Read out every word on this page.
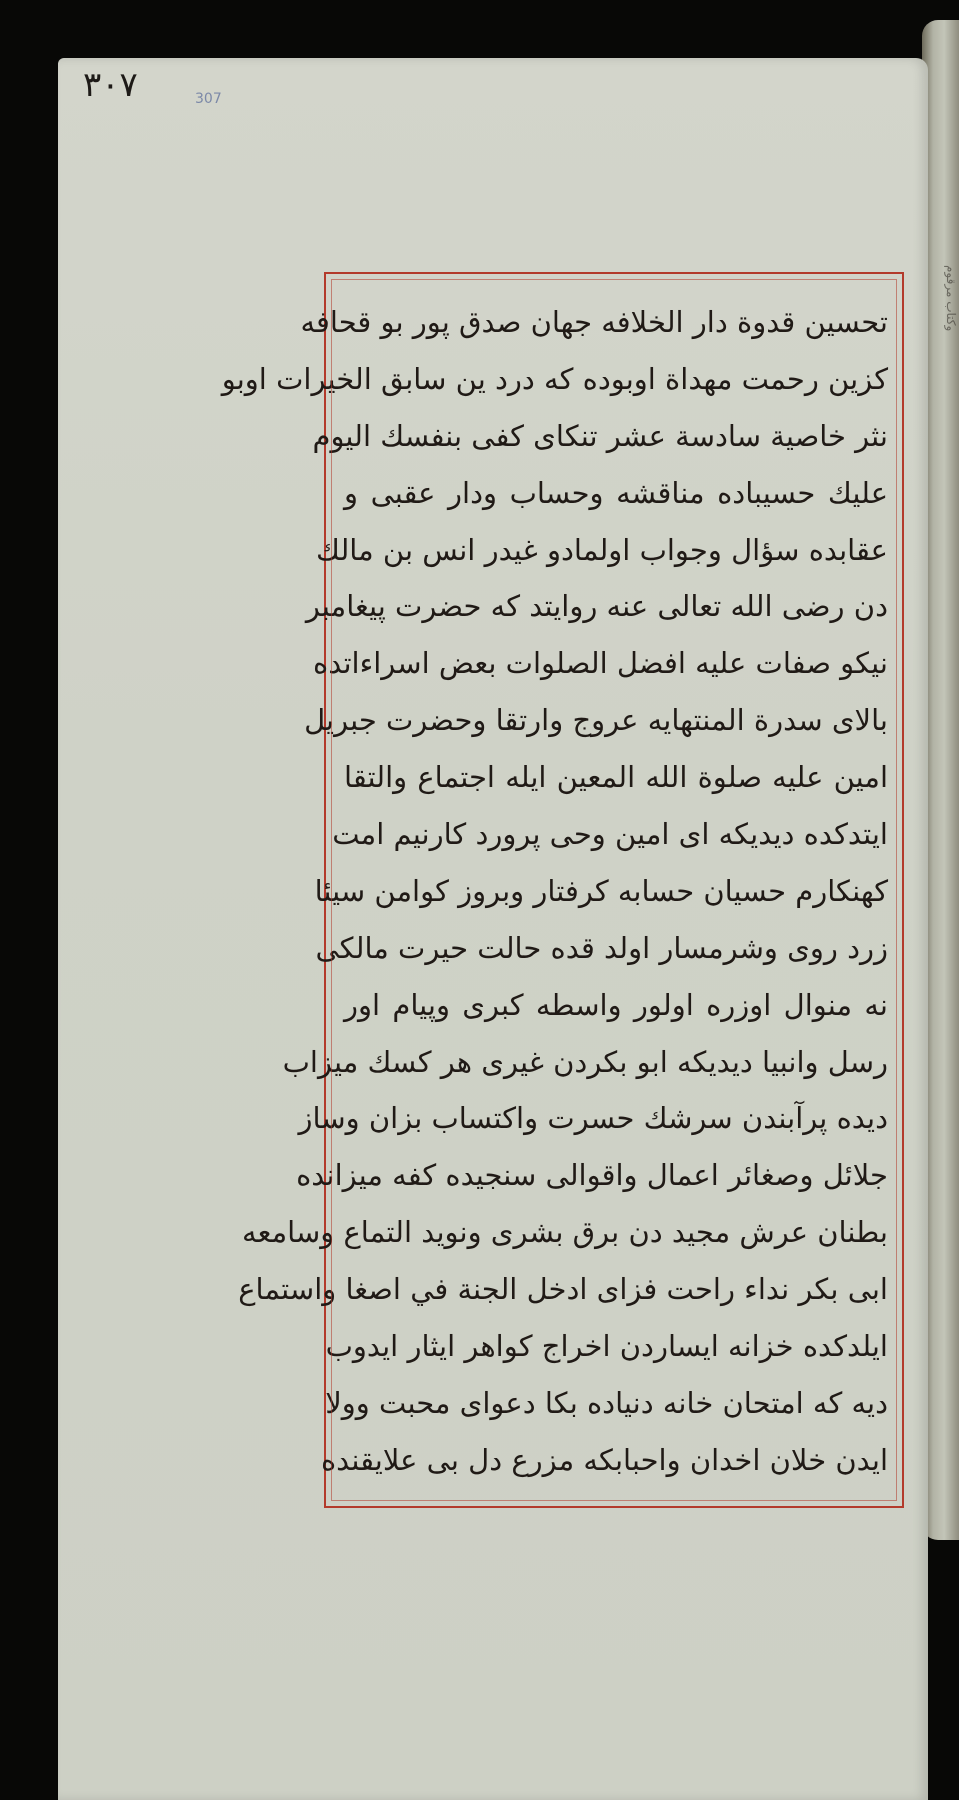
٣٠٧	307
تحسين قدوة دار الخلافه جهان صدق پور بو قحافه
كزين رحمت مهداة اوبوده كه درد ين سابق الخيرات اوبو
نثر خاصية سادسة عشر تنكاى كفى بنفسك اليوم
عليك حسيباده مناقشه وحساب ودار عقبى و
عقابده سؤال وجواب اولمادو غيدر انس بن مالك
دن رضى الله تعالى عنه روايتد كه حضرت پيغامبر
نيكو صفات عليه افضل الصلوات بعض اسراءاتده
بالاى سدرة المنتهايه عروج وارتقا وحضرت جبريل
امين عليه صلوة الله المعين ايله اجتماع والتقا
ايتدكده ديديكه اى امين وحى پرورد كارنيم امت
كهنكارم حسيان حسابه كرفتار وبروز كوامن سيئا
زرد روى وشرمسار اولد قده حالت حيرت مالكى
نه منوال اوزره اولور واسطه كبرى وپيام اور
رسل وانبيا ديديكه ابو بكردن غيرى هر كسك ميزاب
ديده پرآبندن سرشك حسرت واكتساب بزان وساز
جلائل وصغائر اعمال واقوالى سنجيده كفه ميزانده
بطنان عرش مجيد دن برق بشرى ونويد التماع وسامعه
ابى بكر نداء راحت فزاى ادخل الجنة في اصغا واستماع
ايلدكده خزانه ايساردن اخراج كواهر ايثار ايدوب
ديه كه امتحان خانه دنياده بكا دعواى محبت وولا
ايدن خلان اخدان واحبابكه مزرع دل بى علايقنده
وكتاب مرقوم
